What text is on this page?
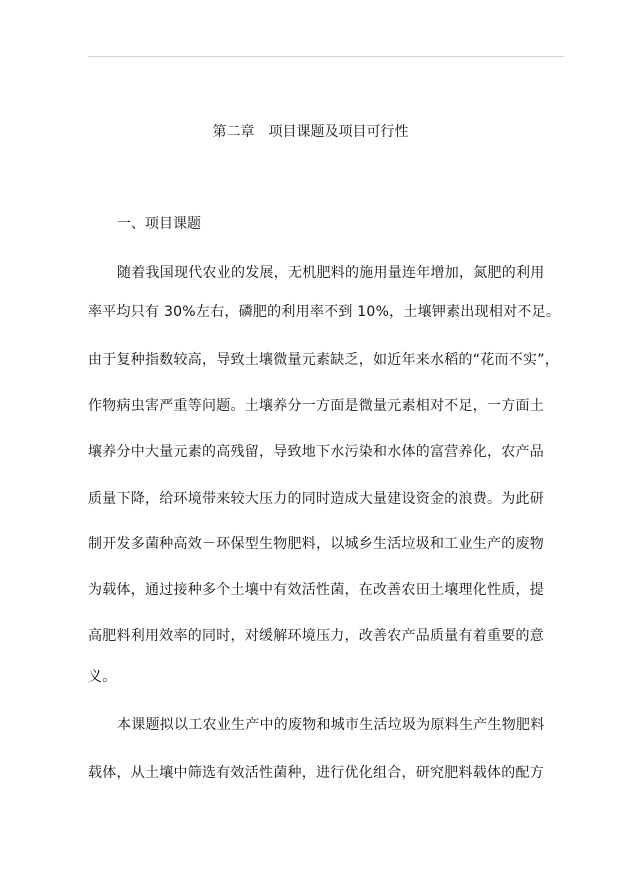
第二章　项目课题及项目可行性
一、项目课题
随着我国现代农业的发展，无机肥料的施用量连年增加，氮肥的利用
率平均只有 30%左右，磷肥的利用率不到 10%，土壤钾素出现相对不足。
由于复种指数较高，导致土壤微量元素缺乏，如近年来水稻的“花而不实”，
作物病虫害严重等问题。土壤养分一方面是微量元素相对不足，一方面土
壤养分中大量元素的高残留，导致地下水污染和水体的富营养化，农产品
质量下降，给环境带来较大压力的同时造成大量建设资金的浪费。为此研
制开发多菌种高效－环保型生物肥料，以城乡生活垃圾和工业生产的废物
为载体，通过接种多个土壤中有效活性菌，在改善农田土壤理化性质，提
高肥料利用效率的同时，对缓解环境压力，改善农产品质量有着重要的意
义。
本课题拟以工农业生产中的废物和城市生活垃圾为原料生产生物肥料
载体，从土壤中筛选有效活性菌种，进行优化组合，研究肥料载体的配方
